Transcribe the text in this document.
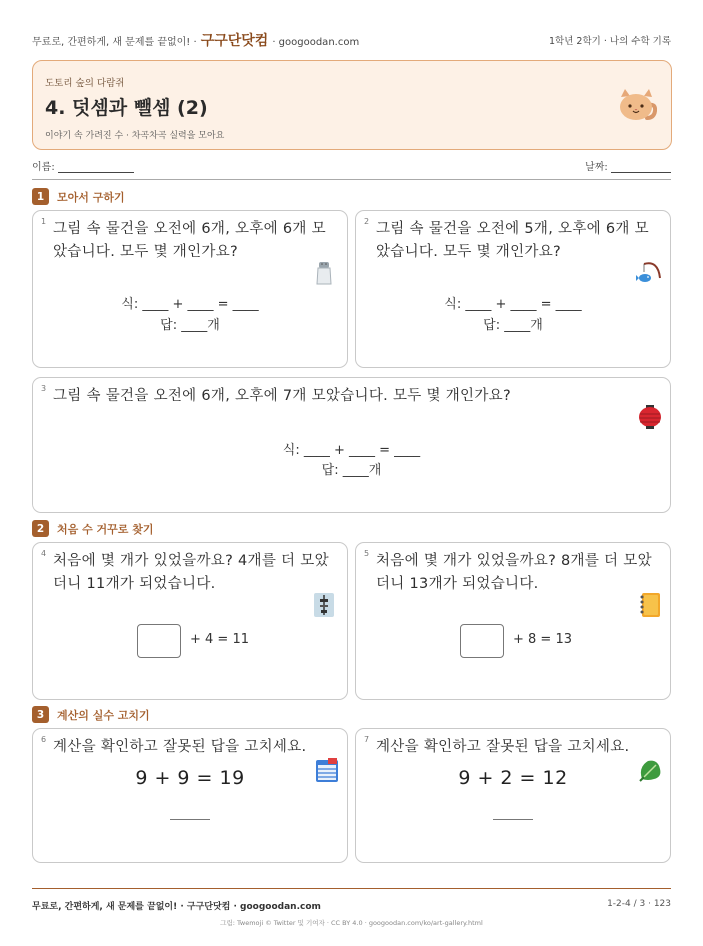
무료로, 간편하게, 새 문제를 끝없이! · 구구단닷컴 · googoodan.com	1학년 2학기 · 나의 수학 기록
도토리 숲의 다람쥐
4. 덧셈과 뺄셈 (2)
이야기 속 가려진 수 · 차곡차곡 실력을 모아요
이름:	날짜:
1	모아서 구하기
1 그림 속 물건을 오전에 6개, 오후에 6개 모았습니다. 모두 몇 개인가요?
식: ____ + ____ = ____
답: ____개
2 그림 속 물건을 오전에 5개, 오후에 6개 모았습니다. 모두 몇 개인가요?
식: ____ + ____ = ____
답: ____개
3 그림 속 물건을 오전에 6개, 오후에 7개 모았습니다. 모두 몇 개인가요?
식: ____ + ____ = ____
답: ____개
2	처음 수 거꾸로 찾기
4 처음에 몇 개가 있었을까요? 4개를 더 모았더니 11개가 되었습니다.
+ 4 = 11
5 처음에 몇 개가 있었을까요? 8개를 더 모았더니 13개가 되었습니다.
+ 8 = 13
3	계산의 실수 고치기
6 계산을 확인하고 잘못된 답을 고치세요.
9 + 9 = 19
7 계산을 확인하고 잘못된 답을 고치세요.
9 + 2 = 12
무료로, 간편하게, 새 문제를 끝없이! · 구구단닷컴 · googoodan.com	1-2-4 / 3 · 123
그림: Twemoji © Twitter 및 기여자 · CC BY 4.0 · googoodan.com/ko/art-gallery.html
